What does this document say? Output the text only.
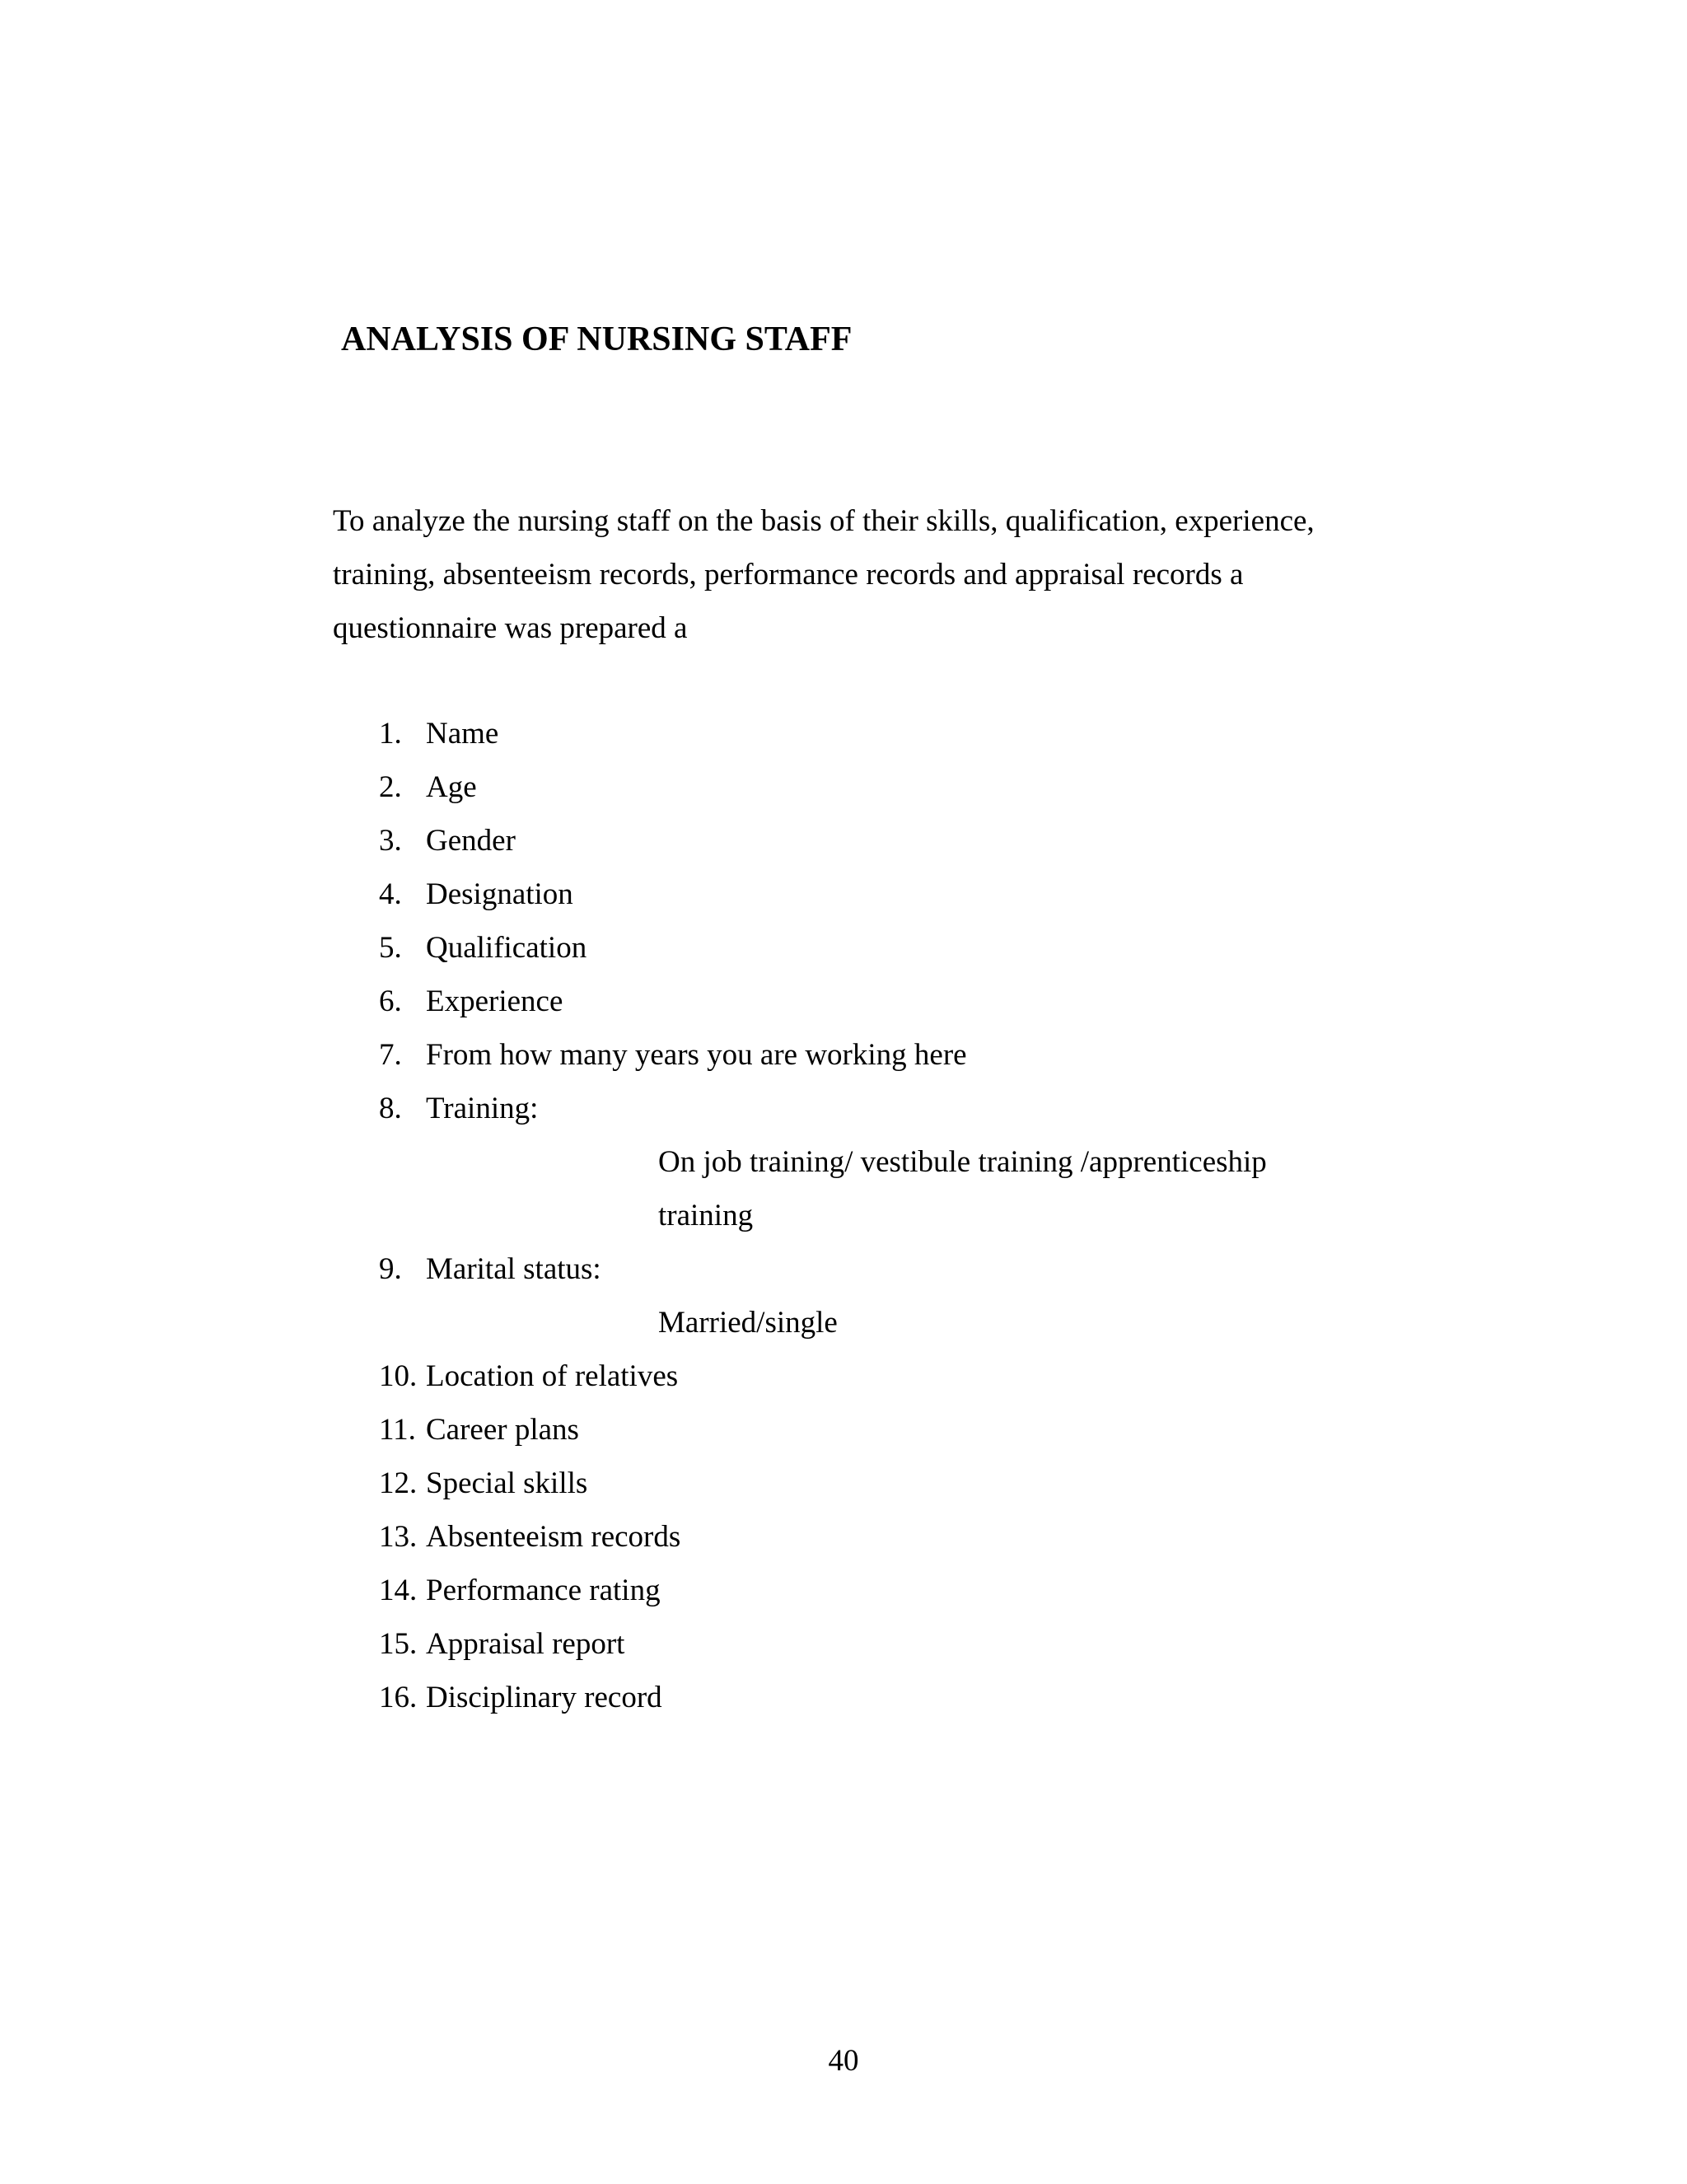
ANALYSIS OF NURSING STAFF

To analyze the nursing staff on the basis of their skills, qualification, experience,
training, absenteeism records, performance records and appraisal records a
questionnaire was prepared a

1. Name
2. Age
3. Gender
4. Designation
5. Qualification
6. Experience
7. From how many years you are working here
8. Training:
On job training/ vestibule training /apprenticeship
training
9. Marital status:
Married/single
10. Location of relatives
11. Career plans
12. Special skills
13. Absenteeism records
14. Performance rating
15. Appraisal report
16. Disciplinary record
40
